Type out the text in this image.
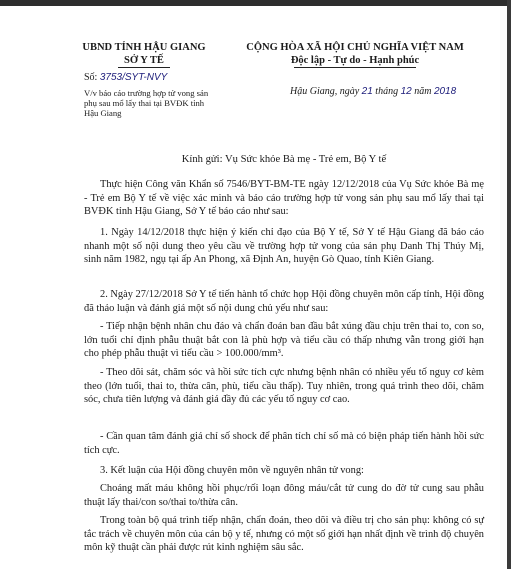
UBND TỈNH HẬU GIANG
SỞ Y TẾ
Số: 3753/SYT-NVY
V/v báo cáo trường hợp tử vong sản
phụ sau mổ lấy thai tại BVĐK tỉnh
Hậu Giang
CỘNG HÒA XÃ HỘI CHỦ NGHĨA VIỆT NAM
Độc lập - Tự do - Hạnh phúc
Hậu Giang, ngày 21 tháng 12 năm 2018
Kính gửi: Vụ Sức khỏe Bà mẹ - Trẻ em, Bộ Y tế
Thực hiện Công văn Khẩn số 7546/BYT-BM-TE ngày 12/12/2018 của Vụ Sức khỏe Bà mẹ - Trẻ em Bộ Y tế về việc xác minh và báo cáo trường hợp tử vong sản phụ sau mổ lấy thai tại BVĐK tỉnh Hậu Giang, Sở Y tế báo cáo như sau:
1. Ngày 14/12/2018 thực hiện ý kiến chỉ đạo của Bộ Y tế, Sở Y tế Hậu Giang đã báo cáo nhanh một số nội dung theo yêu cầu về trường hợp tử vong của sản phụ Danh Thị Thúy Mị, sinh năm 1982, ngụ tại ấp An Phong, xã Định An, huyện Gò Quao, tỉnh Kiên Giang.
2. Ngày 27/12/2018 Sở Y tế tiến hành tổ chức họp Hội đồng chuyên môn cấp tỉnh, Hội đồng đã thảo luận và đánh giá một số nội dung chủ yếu như sau:
- Tiếp nhận bệnh nhân chu đáo và chẩn đoán ban đầu bắt xúng đầu chịu trên thai to, con so, lớn tuổi chỉ định phẫu thuật bắt con là phù hợp và tiểu cầu có thấp nhưng vẫn trong giới hạn cho phép phẫu thuật vì tiểu cầu > 100.000/mm³.
- Theo dõi sát, chăm sóc và hồi sức tích cực nhưng bệnh nhân có nhiều yếu tố nguy cơ kèm theo (lớn tuổi, thai to, thừa cân, phù, tiểu cầu thấp). Tuy nhiên, trong quá trình theo dõi, chăm sóc, chưa tiên lượng và đánh giá đầy đủ các yếu tố nguy cơ cao.
- Cần quan tâm đánh giá chỉ số shock để phân tích chỉ số mà có biện pháp tiến hành hồi sức tích cực.
3. Kết luận của Hội đồng chuyên môn về nguyên nhân tử vong:
Choáng mất máu không hồi phục/rối loạn đông máu/cắt tử cung do đờ tử cung sau phẫu thuật lấy thai/con so/thai to/thừa cân.
Trong toàn bộ quá trình tiếp nhận, chẩn đoán, theo dõi và điều trị cho sản phụ: không có sự tắc trách về chuyên môn của cán bộ y tế, nhưng có một số giới hạn nhất định về trình độ chuyên môn kỹ thuật cần phải được rút kinh nghiệm sâu sắc.
